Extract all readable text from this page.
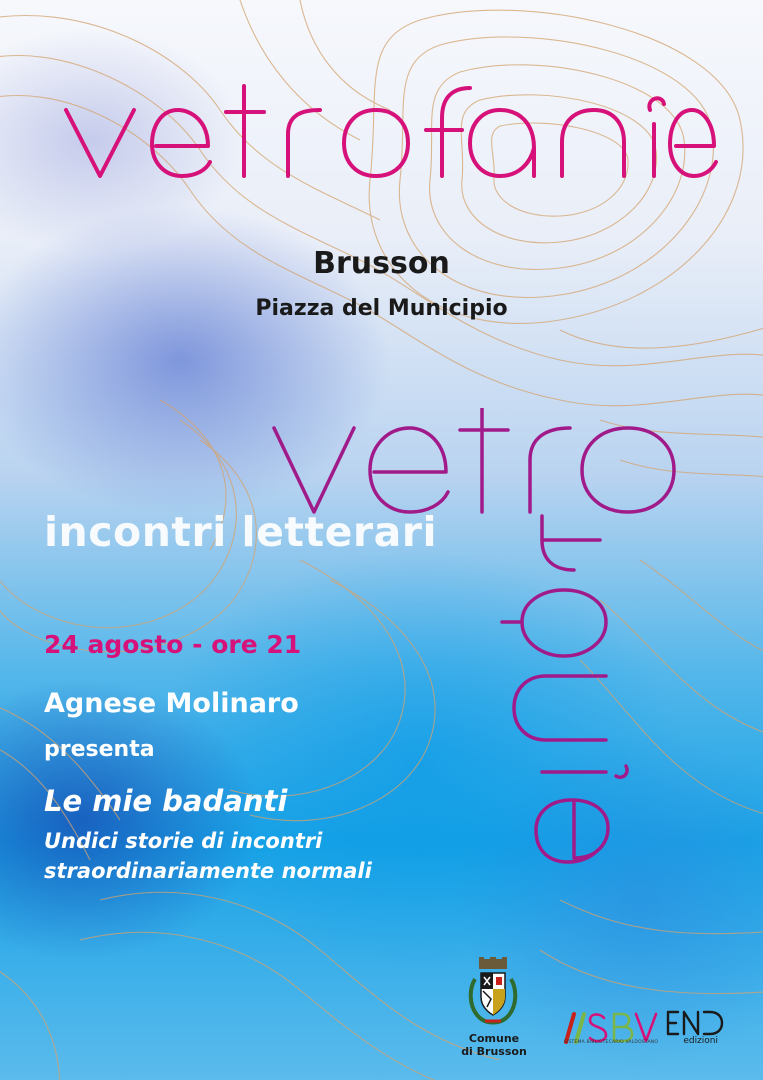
Brusson
Piazza del Municipio
incontri letterari
24 agosto - ore 21
Agnese Molinaro
presenta
Le mie badanti
Undici storie di incontri
straordinariamente normali
Comune
di Brusson
SISTEMA BIBLIOTECARIO VALDOSTANO	edizioni
